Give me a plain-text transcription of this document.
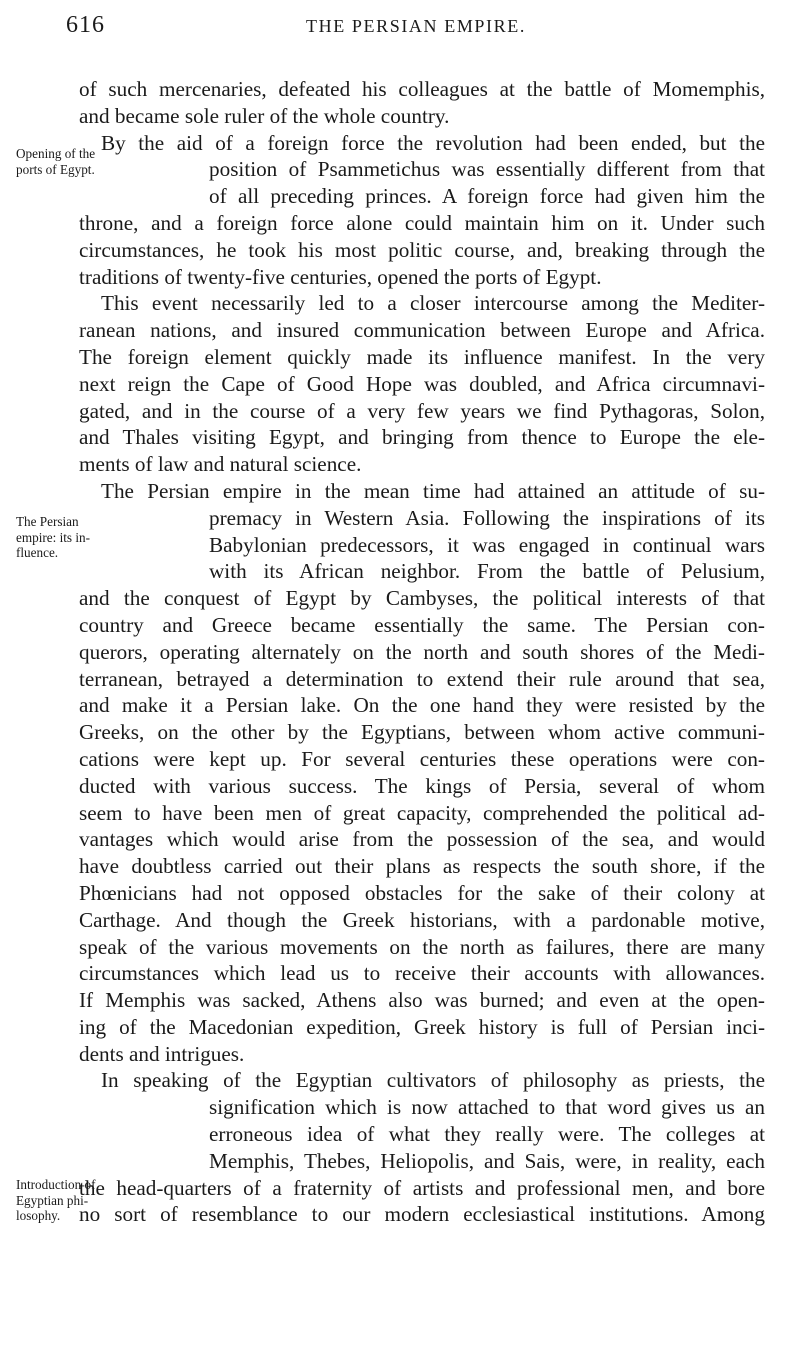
616	THE PERSIAN EMPIRE.
Opening of the
ports of Egypt.
The Persian
empire: its in-
fluence.
Introduction of
Egyptian phi-
losophy.
of such mercenaries, defeated his colleagues at the battle of Momemphis,
and became sole ruler of the whole country.
By the aid of a foreign force the revolution had been ended, but the
position of Psammetichus was essentially different from that
of all preceding princes. A foreign force had given him the
throne, and a foreign force alone could maintain him on it. Under such
circumstances, he took his most politic course, and, breaking through the
traditions of twenty-five centuries, opened the ports of Egypt.
This event necessarily led to a closer intercourse among the Mediter-
ranean nations, and insured communication between Europe and Africa.
The foreign element quickly made its influence manifest. In the very
next reign the Cape of Good Hope was doubled, and Africa circumnavi-
gated, and in the course of a very few years we find Pythagoras, Solon,
and Thales visiting Egypt, and bringing from thence to Europe the ele-
ments of law and natural science.
The Persian empire in the mean time had attained an attitude of su-
premacy in Western Asia. Following the inspirations of its
Babylonian predecessors, it was engaged in continual wars
with its African neighbor. From the battle of Pelusium,
and the conquest of Egypt by Cambyses, the political interests of that
country and Greece became essentially the same. The Persian con-
querors, operating alternately on the north and south shores of the Medi-
terranean, betrayed a determination to extend their rule around that sea,
and make it a Persian lake. On the one hand they were resisted by the
Greeks, on the other by the Egyptians, between whom active communi-
cations were kept up. For several centuries these operations were con-
ducted with various success. The kings of Persia, several of whom
seem to have been men of great capacity, comprehended the political ad-
vantages which would arise from the possession of the sea, and would
have doubtless carried out their plans as respects the south shore, if the
Phœnicians had not opposed obstacles for the sake of their colony at
Carthage. And though the Greek historians, with a pardonable motive,
speak of the various movements on the north as failures, there are many
circumstances which lead us to receive their accounts with allowances.
If Memphis was sacked, Athens also was burned; and even at the open-
ing of the Macedonian expedition, Greek history is full of Persian inci-
dents and intrigues.
In speaking of the Egyptian cultivators of philosophy as priests, the
signification which is now attached to that word gives us an
erroneous idea of what they really were. The colleges at
Memphis, Thebes, Heliopolis, and Sais, were, in reality, each
the head-quarters of a fraternity of artists and professional men, and bore
no sort of resemblance to our modern ecclesiastical institutions. Among
